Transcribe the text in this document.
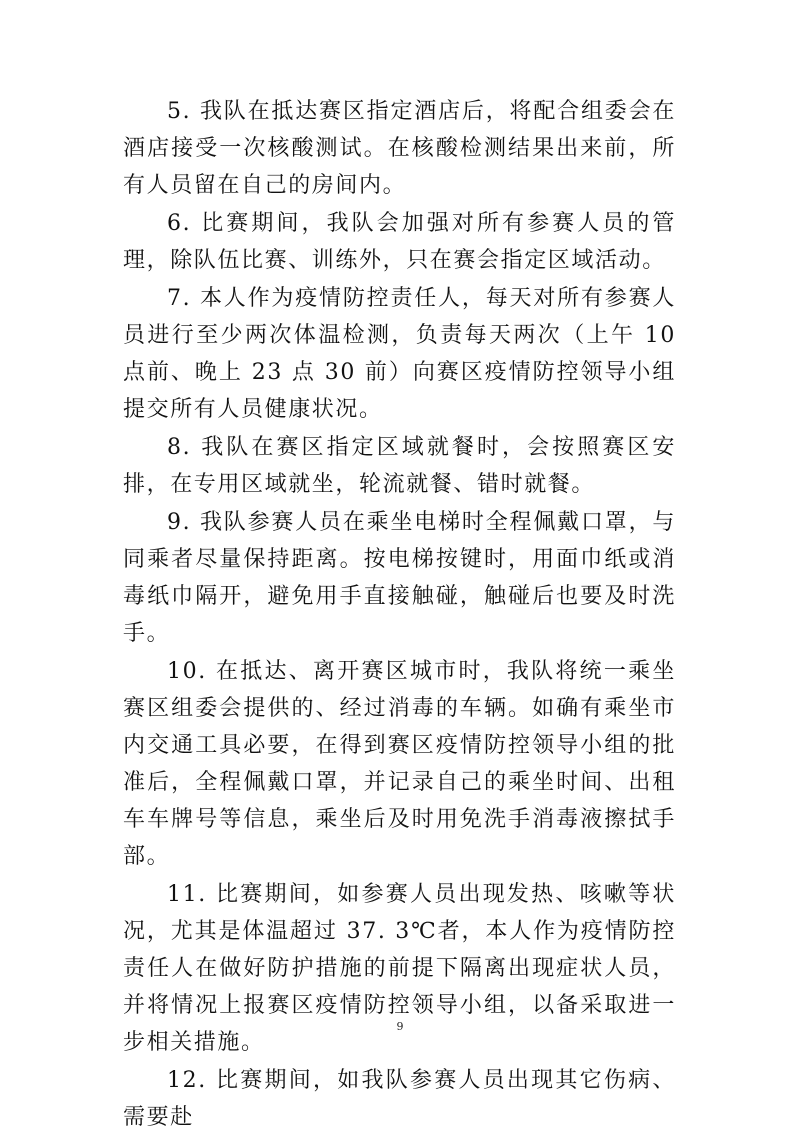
5. 我队在抵达赛区指定酒店后，将配合组委会在酒店接受一次核酸测试。在核酸检测结果出来前，所有人员留在自己的房间内。

6. 比赛期间，我队会加强对所有参赛人员的管理，除队伍比赛、训练外，只在赛会指定区域活动。

7. 本人作为疫情防控责任人，每天对所有参赛人员进行至少两次体温检测，负责每天两次（上午 10 点前、晚上 23 点 30 前）向赛区疫情防控领导小组提交所有人员健康状况。

8. 我队在赛区指定区域就餐时，会按照赛区安排，在专用区域就坐，轮流就餐、错时就餐。

9. 我队参赛人员在乘坐电梯时全程佩戴口罩，与同乘者尽量保持距离。按电梯按键时，用面巾纸或消毒纸巾隔开，避免用手直接触碰，触碰后也要及时洗手。

10. 在抵达、离开赛区城市时，我队将统一乘坐赛区组委会提供的、经过消毒的车辆。如确有乘坐市内交通工具必要，在得到赛区疫情防控领导小组的批准后，全程佩戴口罩，并记录自己的乘坐时间、出租车车牌号等信息，乘坐后及时用免洗手消毒液擦拭手部。

11. 比赛期间，如参赛人员出现发热、咳嗽等状况，尤其是体温超过 37. 3℃者，本人作为疫情防控责任人在做好防护措施的前提下隔离出现症状人员，并将情况上报赛区疫情防控领导小组，以备采取进一步相关措施。

12. 比赛期间，如我队参赛人员出现其它伤病、需要赴

9
